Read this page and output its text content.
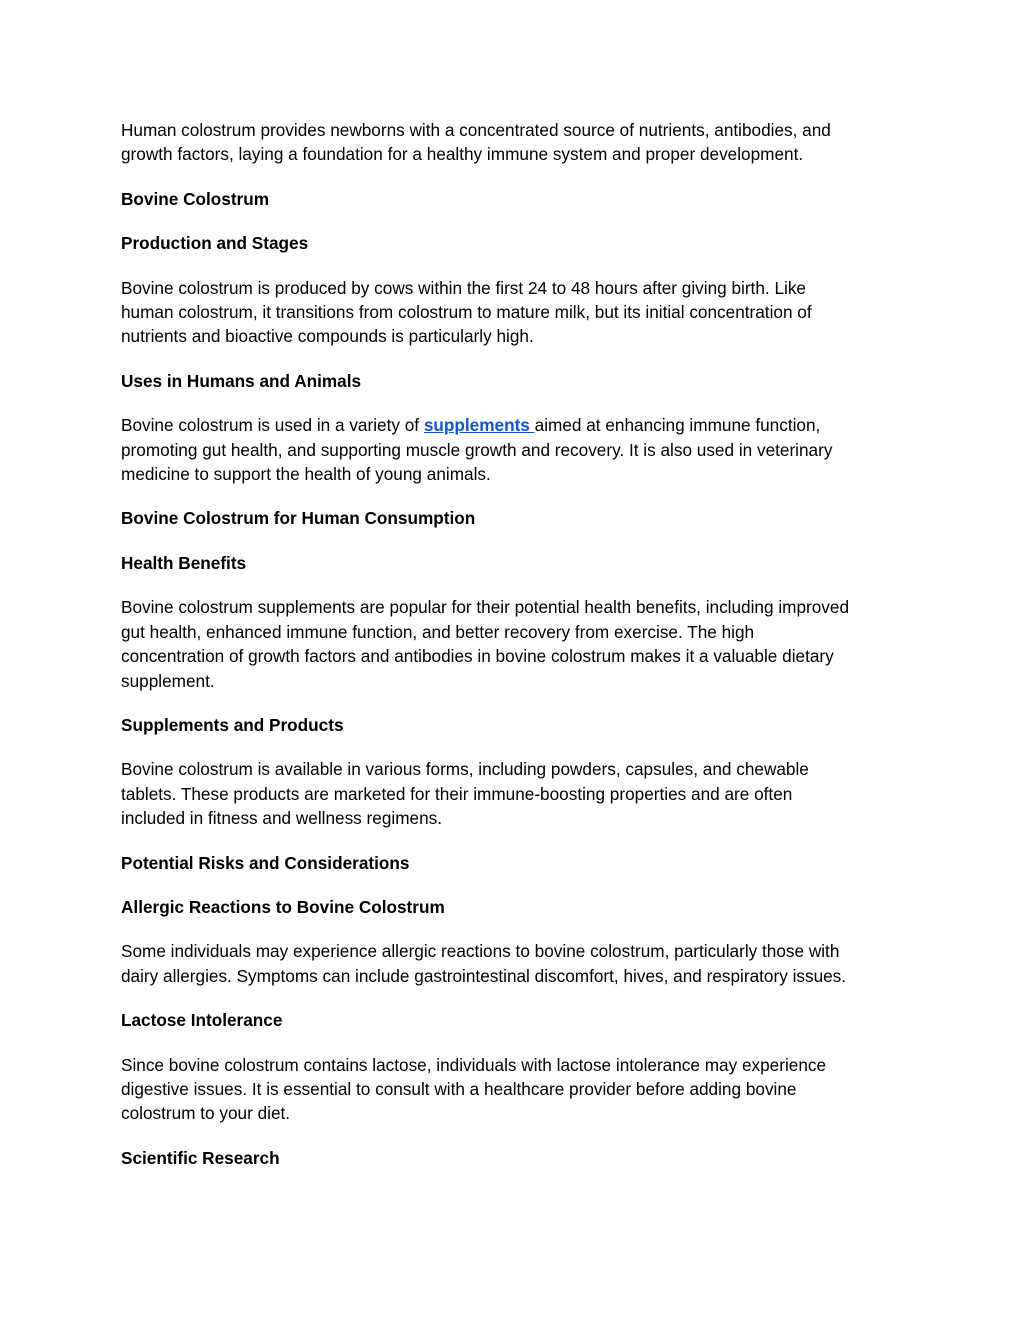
Human colostrum provides newborns with a concentrated source of nutrients, antibodies, and
growth factors, laying a foundation for a healthy immune system and proper development.
Bovine Colostrum
Production and Stages
Bovine colostrum is produced by cows within the first 24 to 48 hours after giving birth. Like
human colostrum, it transitions from colostrum to mature milk, but its initial concentration of
nutrients and bioactive compounds is particularly high.
Uses in Humans and Animals
Bovine colostrum is used in a variety of supplements aimed at enhancing immune function,
promoting gut health, and supporting muscle growth and recovery. It is also used in veterinary
medicine to support the health of young animals.
Bovine Colostrum for Human Consumption
Health Benefits
Bovine colostrum supplements are popular for their potential health benefits, including improved
gut health, enhanced immune function, and better recovery from exercise. The high
concentration of growth factors and antibodies in bovine colostrum makes it a valuable dietary
supplement.
Supplements and Products
Bovine colostrum is available in various forms, including powders, capsules, and chewable
tablets. These products are marketed for their immune-boosting properties and are often
included in fitness and wellness regimens.
Potential Risks and Considerations
Allergic Reactions to Bovine Colostrum
Some individuals may experience allergic reactions to bovine colostrum, particularly those with
dairy allergies. Symptoms can include gastrointestinal discomfort, hives, and respiratory issues.
Lactose Intolerance
Since bovine colostrum contains lactose, individuals with lactose intolerance may experience
digestive issues. It is essential to consult with a healthcare provider before adding bovine
colostrum to your diet.
Scientific Research
